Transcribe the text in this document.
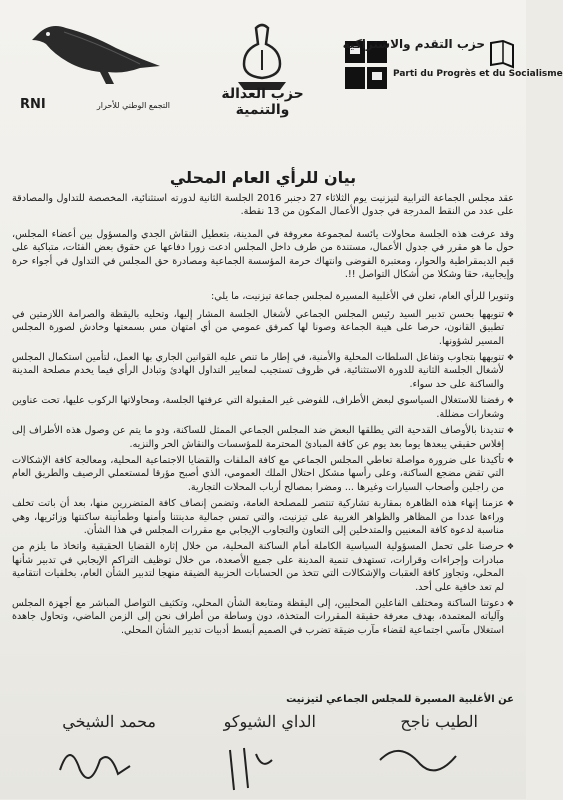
RNI	التجمع الوطني للأحرار
حزب العدالة والتنمية
حزب التقدم والاشتراكية
Parti du Progrès et du Socialisme
بيان للرأي العام المحلي

عقد مجلس الجماعة الترابية لتيزنيت يوم الثلاثاء 27 دجنبر 2016 الجلسة الثانية لدورته استثنائية، المخصصة للتداول والمصادقة على عدد من النقط المدرجة في جدول الأعمال المكون من 13 نقطة.

وقد عرفت هذه الجلسة محاولات يائسة لمجموعة معروفة في المدينة، بتعطيل النقاش الجدي والمسؤول بين أعضاء المجلس، حول ما هو مقرر في جدول الأعمال، مستندة من طرف داخل المجلس ادعت زورا دفاعها عن حقوق بعض الفئات، متباكية على قيم الديمقراطية والحوار، ومعتبرة الفوضى وانتهاك حرمة المؤسسة الجماعية ومصادرة حق المجلس في التداول في أجواء حرة وإيجابية، حقا وشكلا من أشكال التواصل !!.

وتنويرا للرأي العام، تعلن في الأغلبية المسيرة لمجلس جماعة تيزنيت، ما يلي:

❖ تنويهها بحسن تدبير السيد رئيس المجلس الجماعي لأشغال الجلسة المشار إليها، وتحليه باليقظة والصرامة اللازمتين في تطبيق القانون، حرصا على هيبة الجماعة وصونا لها كمرفق عمومي من أي امتهان مس بسمعتها وخادش لصورة المجلس المسير لشؤونها.
❖ تنويهها بتجاوب وتفاعل السلطات المحلية والأمنية، في إطار ما تنص عليه القوانين الجاري بها العمل، لتأمين استكمال المجلس لأشغال الجلسة الثانية للدورة الاستثنائية، في ظروف تستجيب لمعايير التداول الهادئ وتبادل الرأي فيما يخدم مصلحة المدينة والساكنة على حد سواء.
❖ رفضنا للاستغلال السياسوي لبعض الأطراف، للفوضى غير المقبولة التي عرفتها الجلسة، ومحاولاتها الركوب عليها، تحت عناوين وشعارات مضللة.
❖ تنديدنا بالأوصاف القدحية التي يطلقها البعض ضد المجلس الجماعي الممثل للساكنة، ودو ما يتم عن وصول هذه الأطراف إلى إفلاس حقيقي يبعدها يوما بعد يوم عن كافة المبادئ المحترمة للمؤسسات والنقاش الحر والنزيه.
❖ تأكيدنا على ضرورة مواصلة تعاطي المجلس الجماعي مع كافة الملفات والقضايا الاجتماعية المحلية، ومعالجة كافة الإشكالات التي تقض مضجع الساكنة، وعلى رأسها مشكل احتلال الملك العمومي، الذي أصبح مؤرقا لمستعملي الرصيف والطريق العام من راجلين وأصحاب السيارات وغيرها ... ومضرا بمصالح أرباب المحلات التجارية.
❖ عزمنا إنهاء هذه الظاهرة بمقاربة تشاركية تنتصر للمصلحة العامة، وتضمن إنصاف كافة المتضررين منها، بعد أن باتت تخلف وراءها عددا من المظاهر والظواهر الغريبة على تيزنيت، والتي تمس جمالية مدينتنا وأمنها وطمأنينة ساكنتها وزائريها، وهي مناسبة لدعوة كافة المعنيين والمتدخلين إلى التعاون والتجاوب الإيجابي مع مقررات المجلس في هذا الشأن.
❖ حرصنا على تحمل المسؤولية السياسية الكاملة أمام الساكنة المحلية، من خلال إثارة القضايا الحقيقية واتخاذ ما يلزم من مبادرات وإجراءات وقرارات، تستهدف تنمية المدينة على جميع الأصعدة، من خلال توظيف التراكم الإيجابي في تدبير شأنها المحلي، وتجاوز كافة العقبات والإشكالات التي تتخذ من الحسابات الحزبية الضيقة منهجا لتدبير الشأن العام، بخلفيات انتقامية لم تعد خافية على أحد.
❖ دعوتنا الساكنة ومختلف الفاعلين المحليين، إلى اليقظة ومتابعة الشأن المحلي، وتكثيف التواصل المباشر مع أجهزة المجلس وآلياته المعتمدة، بهدف معرفة حقيقة المقررات المتخذة، دون وساطة من أطراف نحن إلى الزمن الماضي، وتحاول جاهدة استغلال مآسي اجتماعية لقضاء مآرب ضيقة تضرب في الصميم أبسط أدبيات تدبير الشأن المحلي.
عن الأغلبية المسيرة للمجلس الجماعي لتيزنيت
الطيب ناجح
الداي الشيوكو
محمد الشيخي
